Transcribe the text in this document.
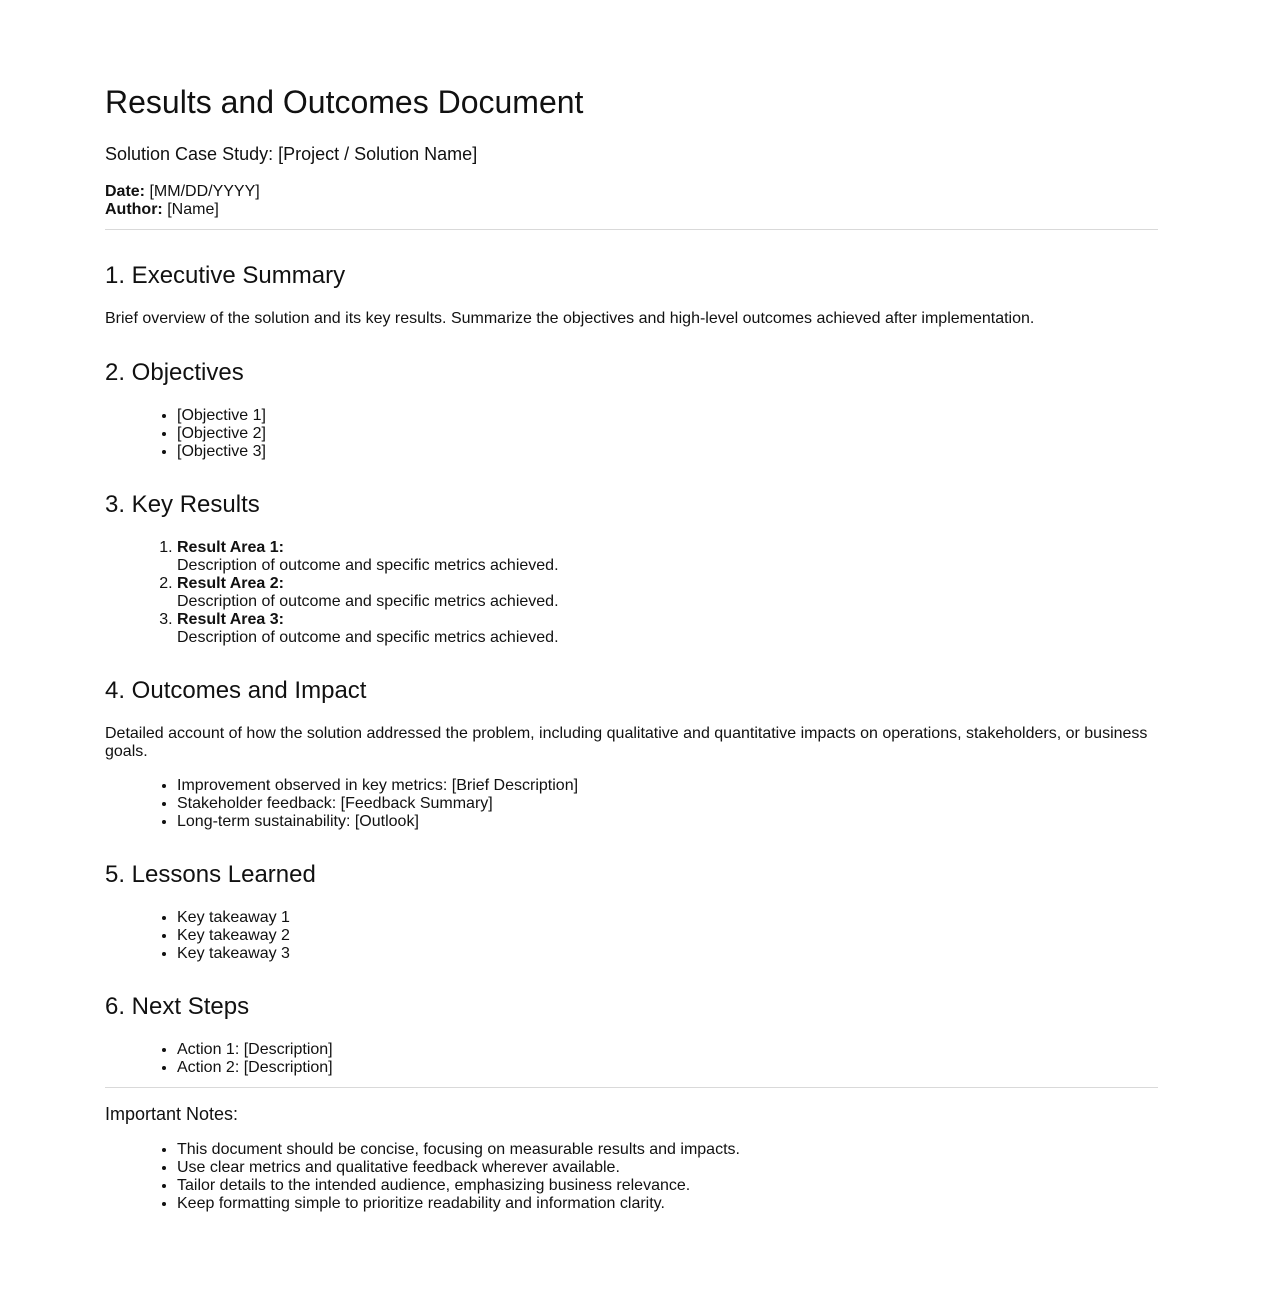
Results and Outcomes Document
Solution Case Study: [Project / Solution Name]
Date: [MM/DD/YYYY]
Author: [Name]
1. Executive Summary

Brief overview of the solution and its key results. Summarize the objectives and high-level outcomes achieved after implementation.

2. Objectives
• [Objective 1]
• [Objective 2]
• [Objective 3]
3. Key Results
1. Result Area 1:
Description of outcome and specific metrics achieved.
2. Result Area 2:
Description of outcome and specific metrics achieved.
3. Result Area 3:
Description of outcome and specific metrics achieved.
4. Outcomes and Impact

Detailed account of how the solution addressed the problem, including qualitative and quantitative impacts on operations, stakeholders, or business goals.

• Improvement observed in key metrics: [Brief Description]
• Stakeholder feedback: [Feedback Summary]
• Long-term sustainability: [Outlook]
5. Lessons Learned
• Key takeaway 1
• Key takeaway 2
• Key takeaway 3
6. Next Steps
• Action 1: [Description]
• Action 2: [Description]
Important Notes:
• This document should be concise, focusing on measurable results and impacts.
• Use clear metrics and qualitative feedback wherever available.
• Tailor details to the intended audience, emphasizing business relevance.
• Keep formatting simple to prioritize readability and information clarity.
